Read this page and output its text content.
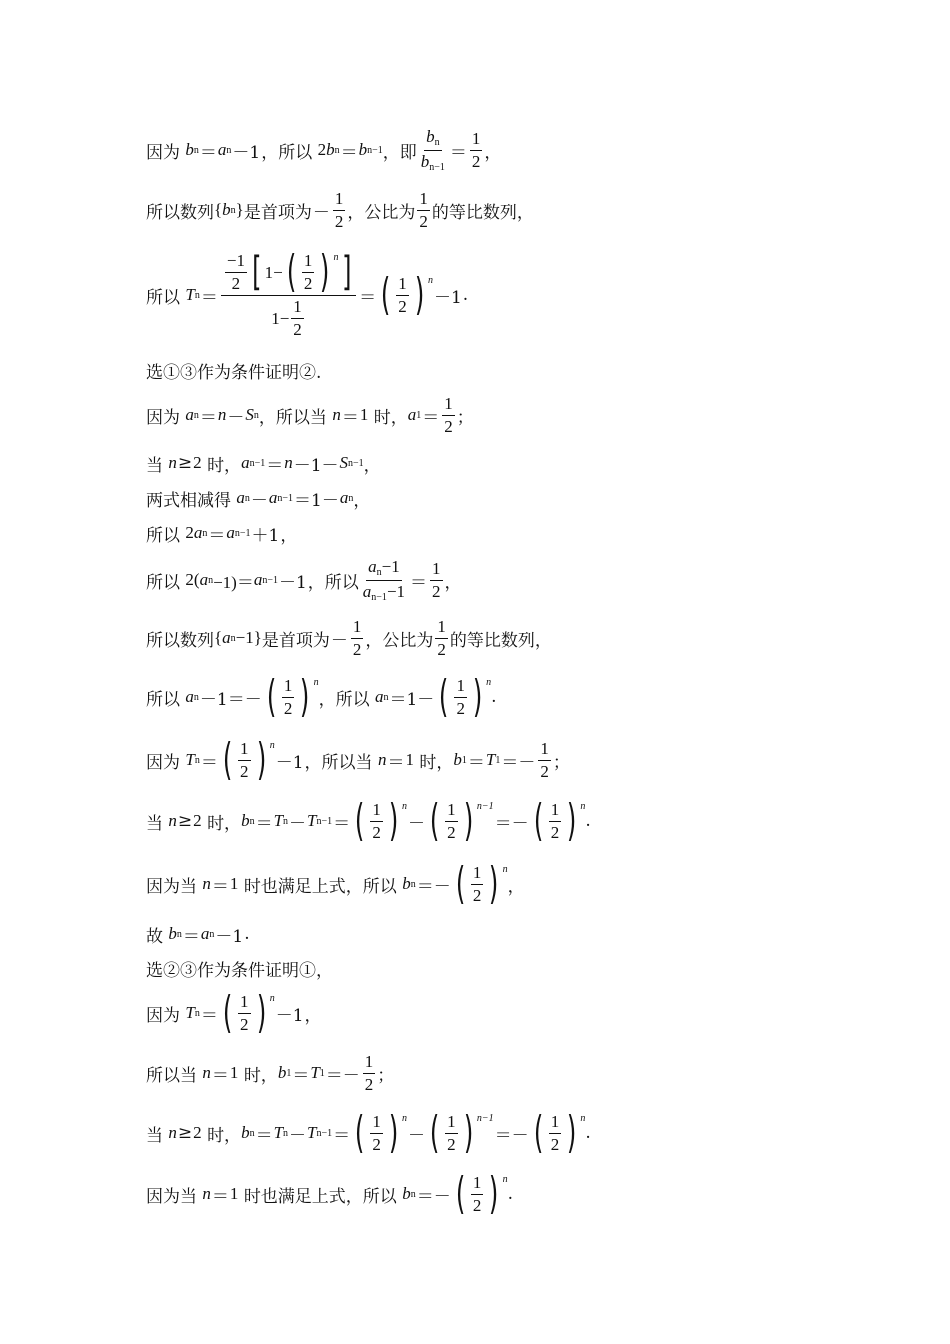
因为
b n ＝ a n －1 ， 所以
2 b n ＝ b n−1 ， 即 $\frac{b_n}{b_{n-1}} = \frac{1}{2}$ ，
所以数列 { b n } 是首项为 － $\frac{1}{2}$ ，公比为 $\frac{1}{2}$ 的等比数列，
所以
T $n = \frac{\frac{-1}{2} [ 1- ( \frac{1}{2} ) n ]}{1- \frac{1}{2}}$ ＝ ( $\frac{1}{2}$ ) n
－1 .
选①③作为条件证明②.
因为
a n ＝ n － S n ， 所以当
n ＝ 1
时， a $1 = \frac{1}{2}$ ；
当
n ≥ 2
时， a n−1 ＝ n －1－ S n−1 ，
两式相减得
a n － a n−1 ＝1－ a n ，
所以
2 a n ＝ a n−1 ＋1 ，
所以
2( a n −1)＝ a n−1 －1 ， 所以 $\frac{a_n-1}{a_{n-1}-1} = \frac{1}{2}$ ，
所以数列 { a n −1} 是首项为 － $\frac{1}{2}$ ，公比为 $\frac{1}{2}$ 的等比数列，
所以
a n －1＝－ ( $\frac{1}{2}$ ) n
， 所以
a n ＝1－ ( $\frac{1}{2}$ ) n
.
因为
T n ＝ ( $\frac{1}{2}$ ) n
－1 ， 所以当
n ＝ 1
时， b 1 ＝ T $1 =- \frac{1}{2}$ ；
当
n ≥ 2
时， b n ＝ T n － T n−1 ＝ ( $\frac{1}{2}$ ) n
－ ( $\frac{1}{2}$ ) n−1
＝－ ( $\frac{1}{2}$ ) n
.
因为当
n ＝ 1
时也满足上式，所以
b n ＝－ ( $\frac{1}{2}$ ) n
，
故
b n ＝ a n －1 .
选②③作为条件证明①，
因为
T n ＝ ( $\frac{1}{2}$ ) n
－1 ，
所以当
n ＝ 1
时， b 1 ＝ T $1 =- \frac{1}{2}$ ；
当
n ≥ 2
时， b n ＝ T n － T n−1 ＝ ( $\frac{1}{2}$ ) n
－ ( $\frac{1}{2}$ ) n−1
＝－ ( $\frac{1}{2}$ ) n
.
因为当
n ＝ 1
时也满足上式，所以
b n ＝－ ( $\frac{1}{2}$ ) n
.
